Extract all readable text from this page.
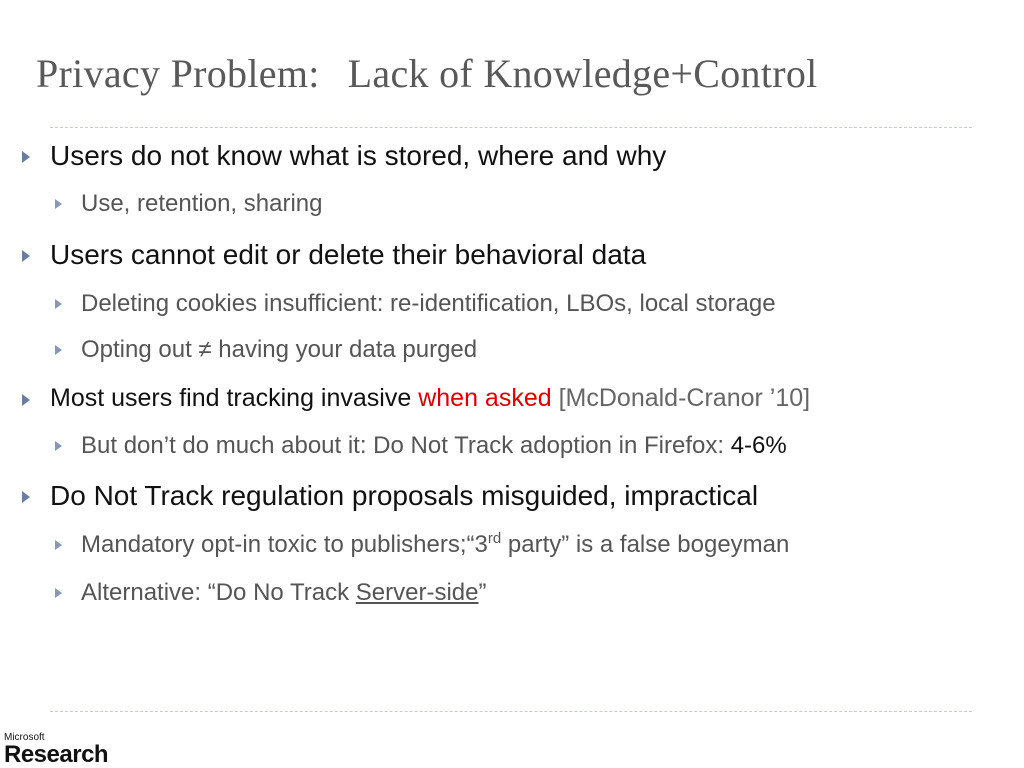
Privacy Problem: Lack of Knowledge+Control
Users do not know what is stored, where and why
Use, retention, sharing
Users cannot edit or delete their behavioral data
Deleting cookies insufficient: re-identification, LBOs, local storage
Opting out ≠ having your data purged
Most users find tracking invasive when asked [McDonald-Cranor ’10]
But don’t do much about it: Do Not Track adoption in Firefox: 4-6%
Do Not Track regulation proposals misguided, impractical
Mandatory opt-in toxic to publishers;“3rd party” is a false bogeyman
Alternative: “Do No Track Server-side”
Microsoft
Research
